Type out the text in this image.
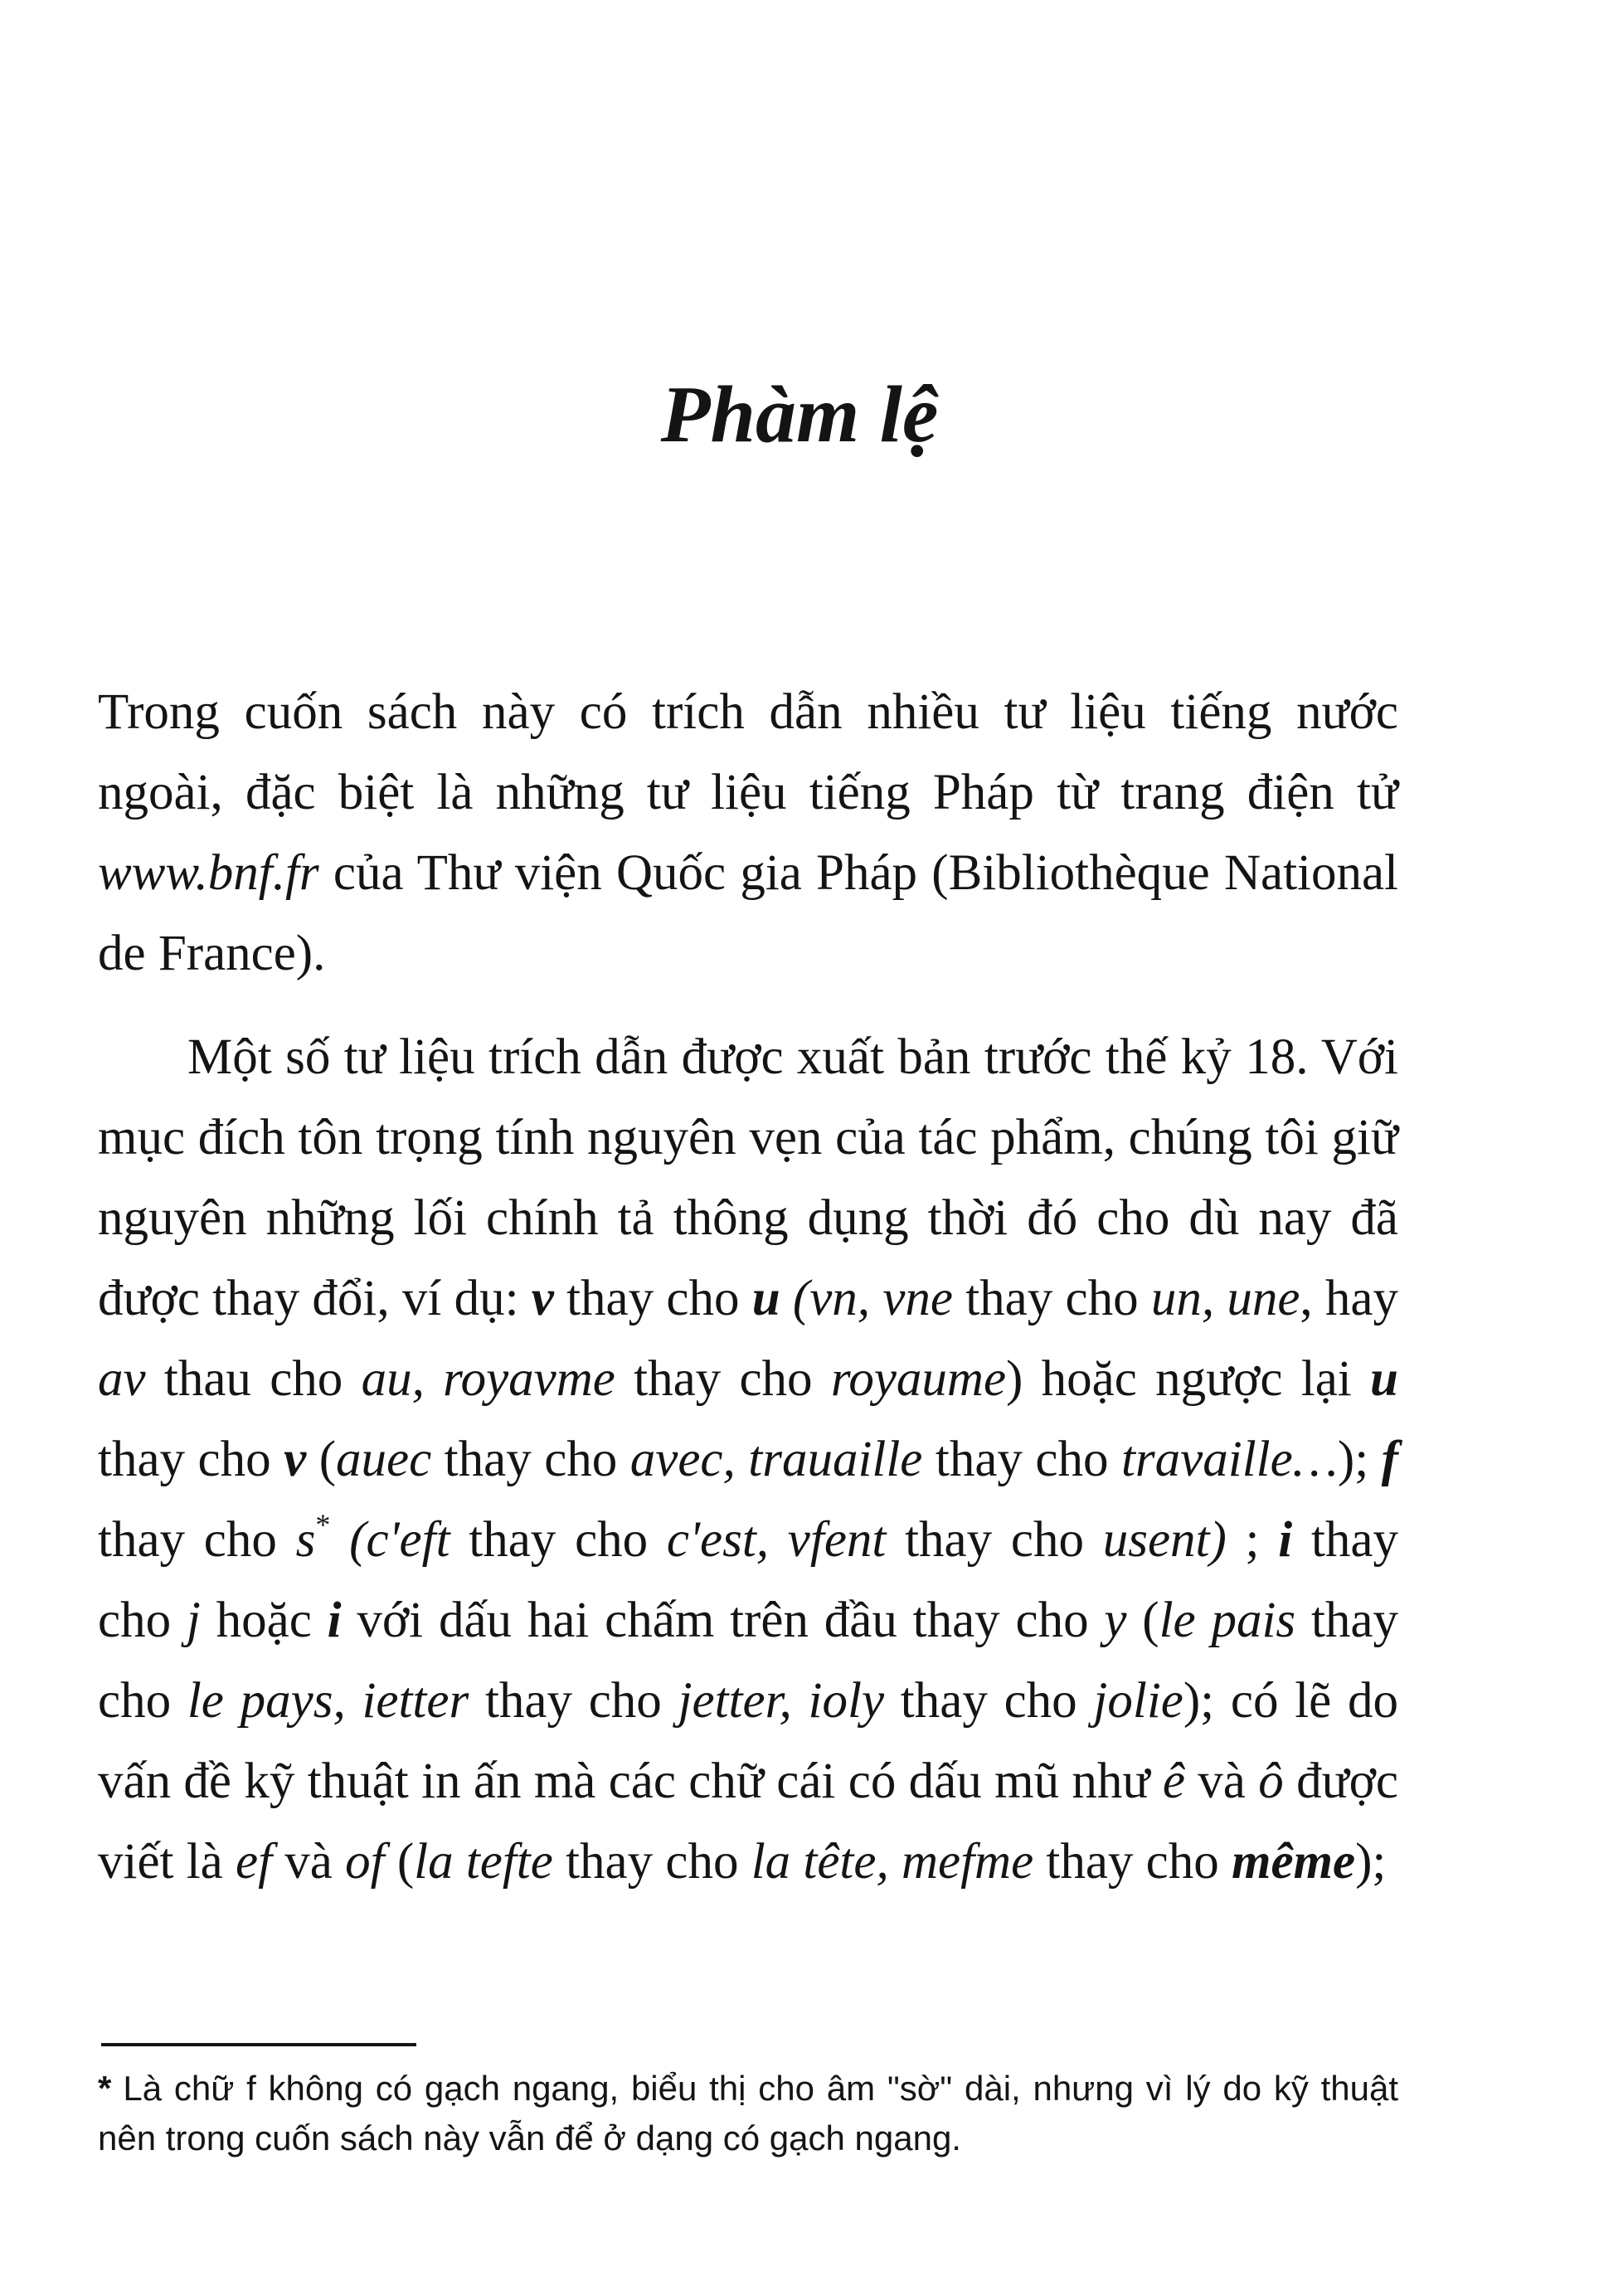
Phàm lệ

Trong cuốn sách này có trích dẫn nhiều tư liệu tiếng nước ngoài, đặc biệt là những tư liệu tiếng Pháp từ trang điện tử www.bnf.fr của Thư viện Quốc gia Pháp (Bibliothèque National de France).

Một số tư liệu trích dẫn được xuất bản trước thế kỷ 18. Với mục đích tôn trọng tính nguyên vẹn của tác phẩm, chúng tôi giữ nguyên những lối chính tả thông dụng thời đó cho dù nay đã được thay đổi, ví dụ: v thay cho u (vn, vne thay cho un, une, hay av thau cho au, royavme thay cho royaume) hoặc ngược lại u thay cho v (auec thay cho avec, trauaille thay cho travaille…); f thay cho s* (c'eft thay cho c'est, vfent thay cho usent) ; i thay cho j hoặc i với dấu hai chấm trên đầu thay cho y (le pais thay cho le pays, ietter thay cho jetter, ioly thay cho jolie); có lẽ do vấn đề kỹ thuật in ấn mà các chữ cái có dấu mũ như ê và ô được viết là ef và of (la tefte thay cho la tête, mefme thay cho même);

* Là chữ f không có gạch ngang, biểu thị cho âm "sờ" dài, nhưng vì lý do kỹ thuật nên trong cuốn sách này vẫn để ở dạng có gạch ngang.
